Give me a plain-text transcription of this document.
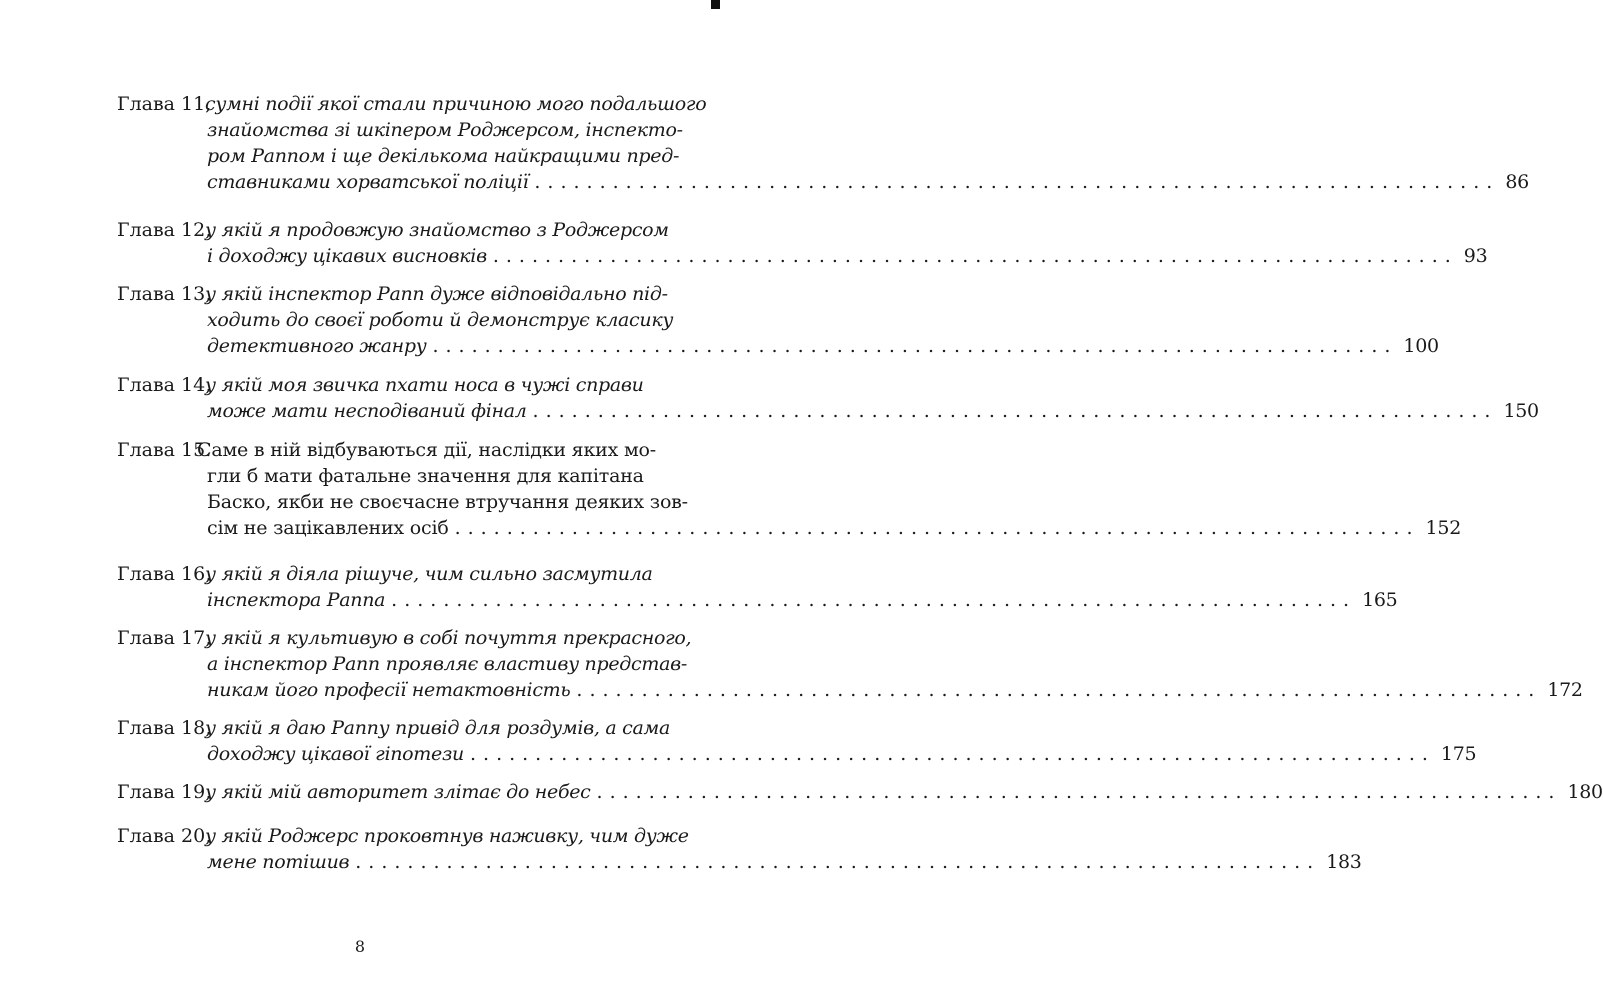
Глава 11,
сумні події якої стали причиною мого подальшого
знайомства зі шкіпером Роджерсом, інспекто-
ром Раппом і ще декількома найкращими пред-
ставниками хорватської поліції .......................................................................... 86
Глава 12,
у якій я продовжую знайомство з Роджерсом
і доходжу цікавих висновків .......................................................................... 93
Глава 13,
у якій інспектор Рапп дуже відповідально під-
ходить до своєї роботи й демонструє класику
детективного жанру .......................................................................... 100
Глава 14,
у якій моя звичка пхати носа в чужі справи
може мати несподіваний фінал .......................................................................... 150
Глава 15.
Саме в ній відбуваються дії, наслідки яких мо-
гли б мати фатальне значення для капітана
Баско, якби не своєчасне втручання деяких зов-
сім не зацікавлених осіб .......................................................................... 152
Глава 16,
у якій я діяла рішуче, чим сильно засмутила
інспектора Раппа .......................................................................... 165
Глава 17,
у якій я культивую в собі почуття прекрасного,
а інспектор Рапп проявляє властиву представ-
никам його професії нетактовність .......................................................................... 172
Глава 18,
у якій я даю Раппу привід для роздумів, а сама
доходжу цікавої гіпотези .......................................................................... 175
Глава 19,
у якій мій авторитет злітає до небес .......................................................................... 180
Глава 20,
у якій Роджерс проковтнув наживку, чим дуже
мене потішив .......................................................................... 183
8
